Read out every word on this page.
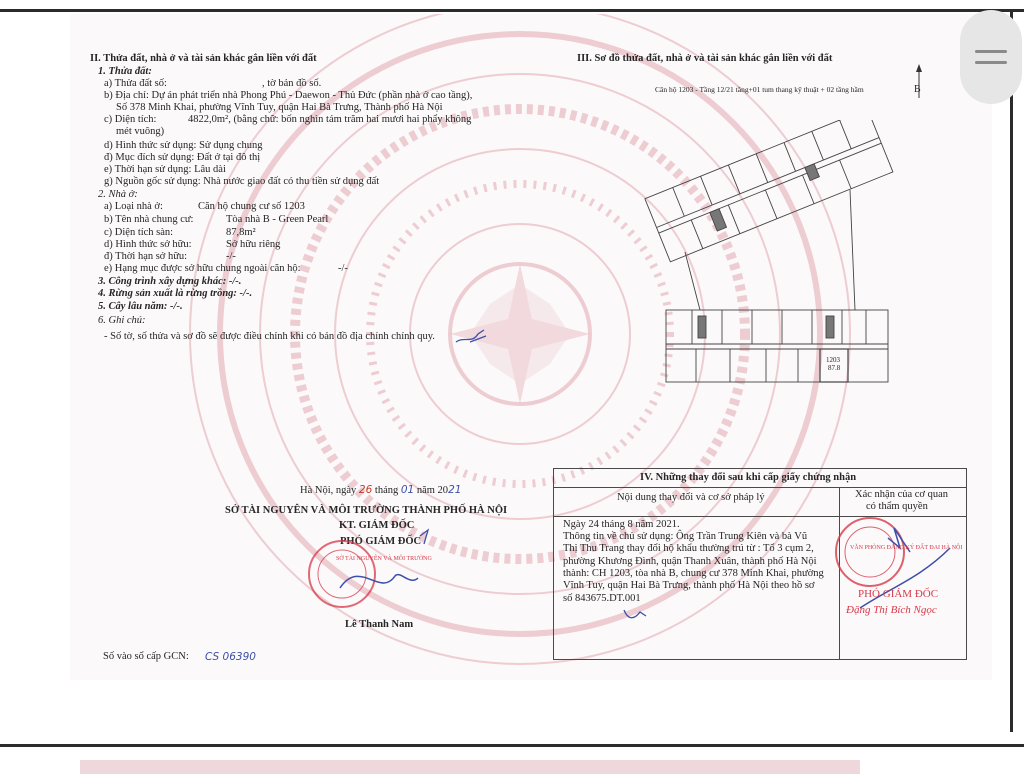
II. Thửa đất, nhà ở và tài sản khác gắn liền với đất
1. Thửa đất:
a) Thửa đất số:	, tờ bản đồ số.
b) Địa chỉ: Dự án phát triển nhà Phong Phú - Daewon - Thủ Đức (phần nhà ở cao tầng),
Số 378 Minh Khai, phường Vĩnh Tuy, quận Hai Bà Trưng, Thành phố Hà Nội
c) Diện tích:	4822,0m², (bằng chữ: bốn nghìn tám trăm hai mươi hai phẩy không
mét vuông)
d) Hình thức sử dụng: Sử dụng chung
đ) Mục đích sử dụng: Đất ở tại đô thị
e) Thời hạn sử dụng: Lâu dài
g) Nguồn gốc sử dụng: Nhà nước giao đất có thu tiền sử dụng đất
2. Nhà ở:
a) Loại nhà ở:	Căn hộ chung cư số 1203
b) Tên nhà chung cư:	Tòa nhà B - Green Pearl
c) Diện tích sàn:	87,8m²
d) Hình thức sở hữu:	Sở hữu riêng
đ) Thời hạn sở hữu:	-/-
e) Hạng mục được sở hữu chung ngoài căn hộ:	-/-
3. Công trình xây dựng khác: -/-.
4. Rừng sản xuất là rừng trồng: -/-.
5. Cây lâu năm: -/-.
6. Ghi chú:
- Số tờ, số thửa và sơ đồ sẽ được điều chỉnh khi có bản đồ địa chính chính quy.
III. Sơ đồ thửa đất, nhà ở và tài sản khác gắn liền với đất
Căn hộ 1203 - Tầng 12/21 tầng+01 tum thang kỹ thuật + 02 tầng hầm	B
1203
87.8
Hà Nội, ngày 26 tháng 01 năm 2021
SỞ TÀI NGUYÊN VÀ MÔI TRƯỜNG THÀNH PHỐ HÀ NỘI
KT. GIÁM ĐỐC
PHÓ GIÁM ĐỐC
SỞ TÀI NGUYÊN VÀ MÔI TRƯỜNG
Lê Thanh Nam
Số vào sổ cấp GCN: CS 06390
IV. Những thay đổi sau khi cấp giấy chứng nhận
Nội dung thay đổi và cơ sở pháp lý	Xác nhận của cơ quan
có thẩm quyền
Ngày 24 tháng 8 năm 2021.
Thông tin về chủ sử dụng: Ông Trần Trung Kiên và bà Vũ
Thị Thu Trang thay đổi hộ khẩu thường trú từ : Tổ 3 cụm 2,
phường Khương Đình, quận Thanh Xuân, thành phố Hà Nội
thành: CH 1203, tòa nhà B, chung cư 378 Minh Khai, phường
Vĩnh Tuy, quận Hai Bà Trưng, thành phố Hà Nội theo hồ sơ
số 843675.DT.001
VĂN PHÒNG ĐĂNG KÝ ĐẤT ĐAI HÀ NỘI
PHÓ GIÁM ĐỐC
Đặng Thị Bích Ngọc
